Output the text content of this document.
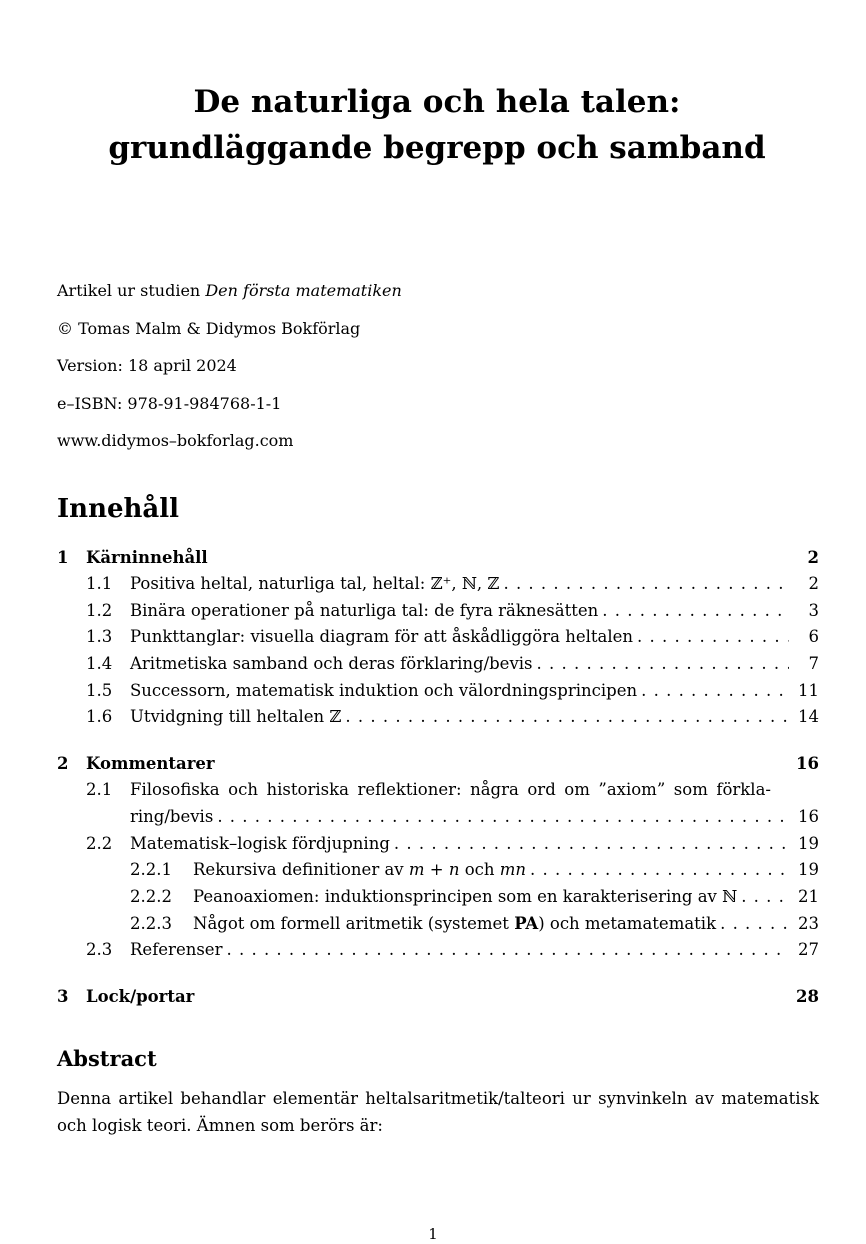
De naturliga och hela talen: grundläggande begrepp och samband

Artikel ur studien Den första matematiken

© Tomas Malm & Didymos Bokförlag

Version: 18 april 2024

e–ISBN: 978-91-984768-1-1

www.didymos–bokforlag.com

Innehåll
1	Kärninnehåll	2
1.1	Positiva heltal, naturliga tal, heltal: ℤ⁺, ℕ, ℤ . . .	2
1.2	Binära operationer på naturliga tal: de fyra räknesätten . . .	3
1.3	Punkttanglar: visuella diagram för att åskådliggöra heltalen . . .	6
1.4	Aritmetiska samband och deras förklaring/bevis . . .	7
1.5	Successorn, matematisk induktion och välordningsprincipen . . .	11
1.6	Utvidgning till heltalen ℤ . . .	14
2	Kommentarer	16
2.1	Filosofiska och historiska reflektioner: några ord om ”axiom” som förkla-
ring/bevis . . .	16
2.2	Matematisk–logisk fördjupning . . .	19
2.2.1	Rekursiva definitioner av m + n och mn . . .	19
2.2.2	Peanoaxiomen: induktionsprincipen som en karakterisering av ℕ . . .	21
2.2.3	Något om formell aritmetik (systemet PA) och metamatematik . . .	23
2.3	Referenser . . .	27
3	Lock/portar	28
Abstract

Denna artikel behandlar elementär heltalsaritmetik/talteori ur synvinkeln av matematisk och logisk teori. Ämnen som berörs är:

1
